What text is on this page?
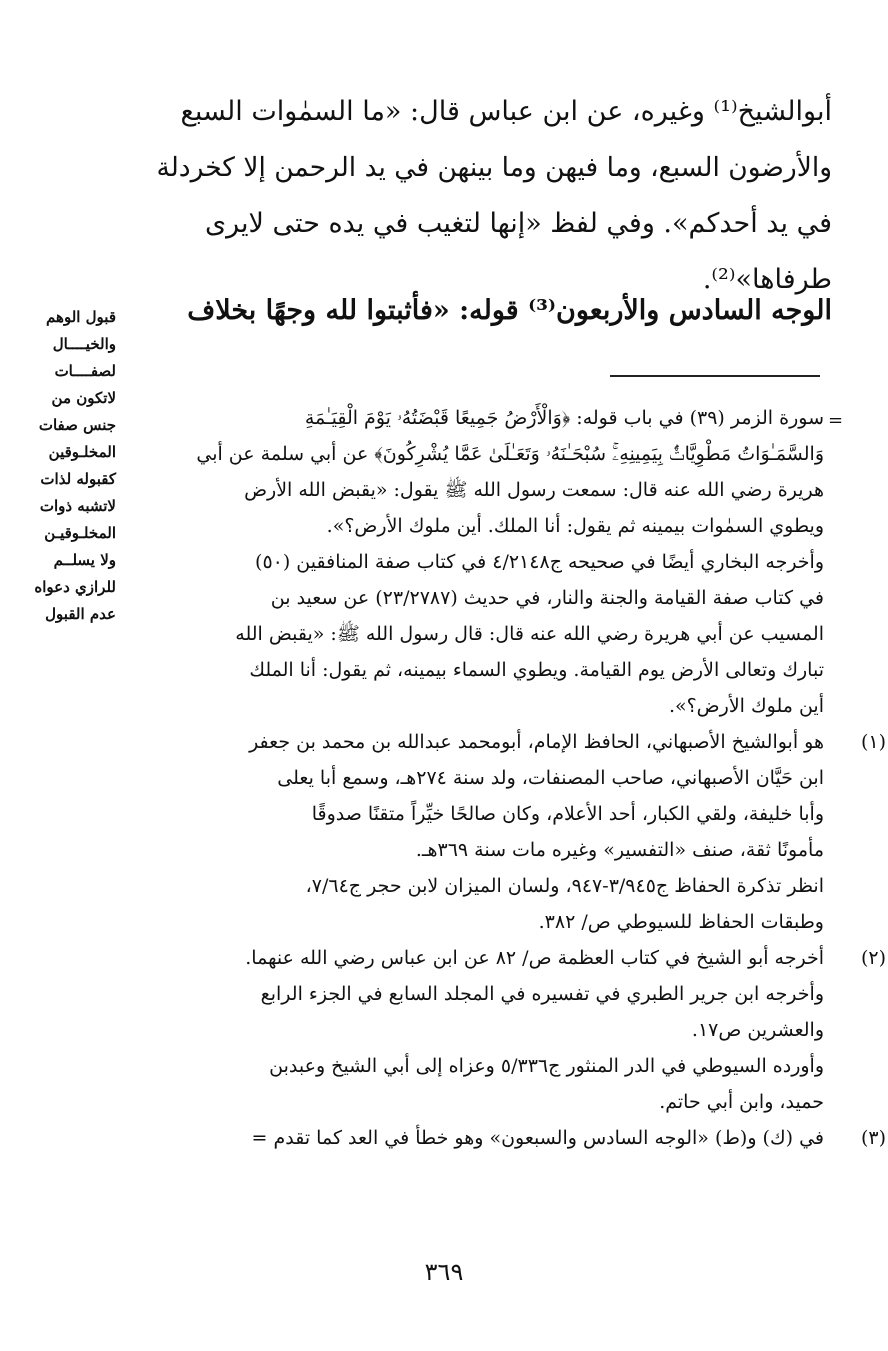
أبوالشيخ⁽¹⁾ وغيره، عن ابن عباس قال: «ما السمٰوات السبع
والأرضون السبع، وما فيهن وما بينهن في يد الرحمن إلا كخردلة
في يد أحدكم». وفي لفظ «إنها لتغيب في يده حتى لايرى
طرفاها»⁽²⁾.
الوجه السادس والأربعون⁽³⁾ قوله: «فأثبتوا لله وجهًا بخلاف
قبول الوهم
والخيــــال
لصفــــات
لاتكون من
جنس صفات
المخلـوقين
كقبوله لذات
لاتشبه ذوات
المخلـوقيـن
ولا يسلــم
للرازي دعواه
عدم القبول
=
سورة الزمر (٣٩) في باب قوله: ﴿وَالْأَرْضُ جَمِيعًا قَبْضَتُهُۥ يَوْمَ الْقِيَـٰمَةِ
وَالسَّمَـٰوَاتُ مَطْوِيَّاتٌۢ بِيَمِينِهِۦۚ سُبْحَـٰنَهُۥ وَتَعَـٰلَىٰ عَمَّا يُشْرِكُونَ﴾ عن أبي سلمة عن أبي
هريرة رضي الله عنه قال: سمعت رسول الله ﷺ يقول: «يقبض الله الأرض
ويطوي السمٰوات بيمينه ثم يقول: أنا الملك. أين ملوك الأرض؟».
وأخرجه البخاري أيضًا في صحيحه ج٤/٢١٤٨ في كتاب صفة المنافقين (٥٠)
في كتاب صفة القيامة والجنة والنار، في حديث (٢٣/٢٧٨٧) عن سعيد بن
المسيب عن أبي هريرة رضي الله عنه قال: قال رسول الله ﷺ: «يقبض الله
تبارك وتعالى الأرض يوم القيامة. ويطوي السماء بيمينه، ثم يقول: أنا الملك
أين ملوك الأرض؟».
(١)
هو أبوالشيخ الأصبهاني، الحافظ الإمام، أبومحمد عبدالله بن محمد بن جعفر
ابن حَيَّان الأصبهاني، صاحب المصنفات، ولد سنة ٢٧٤هـ، وسمع أبا يعلى
وأبا خليفة، ولقي الكبار، أحد الأعلام، وكان صالحًا خيِّراً متقنًا صدوقًا
مأمونًا ثقة، صنف «التفسير» وغيره مات سنة ٣٦٩هـ.
انظر تذكرة الحفاظ ج٣/٩٤٥-٩٤٧، ولسان الميزان لابن حجر ج٧/٦٤،
وطبقات الحفاظ للسيوطي ص/ ٣٨٢.
(٢)
أخرجه أبو الشيخ في كتاب العظمة ص/ ٨٢ عن ابن عباس رضي الله عنهما.
وأخرجه ابن جرير الطبري في تفسيره في المجلد السابع في الجزء الرابع
والعشرين ص١٧.
وأورده السيوطي في الدر المنثور ج٥/٣٣٦ وعزاه إلى أبي الشيخ وعبدبن
حميد، وابن أبي حاتم.
(٣)
في (ك) و(ط) «الوجه السادس والسبعون» وهو خطأ في العد كما تقدم =
٣٦٩
